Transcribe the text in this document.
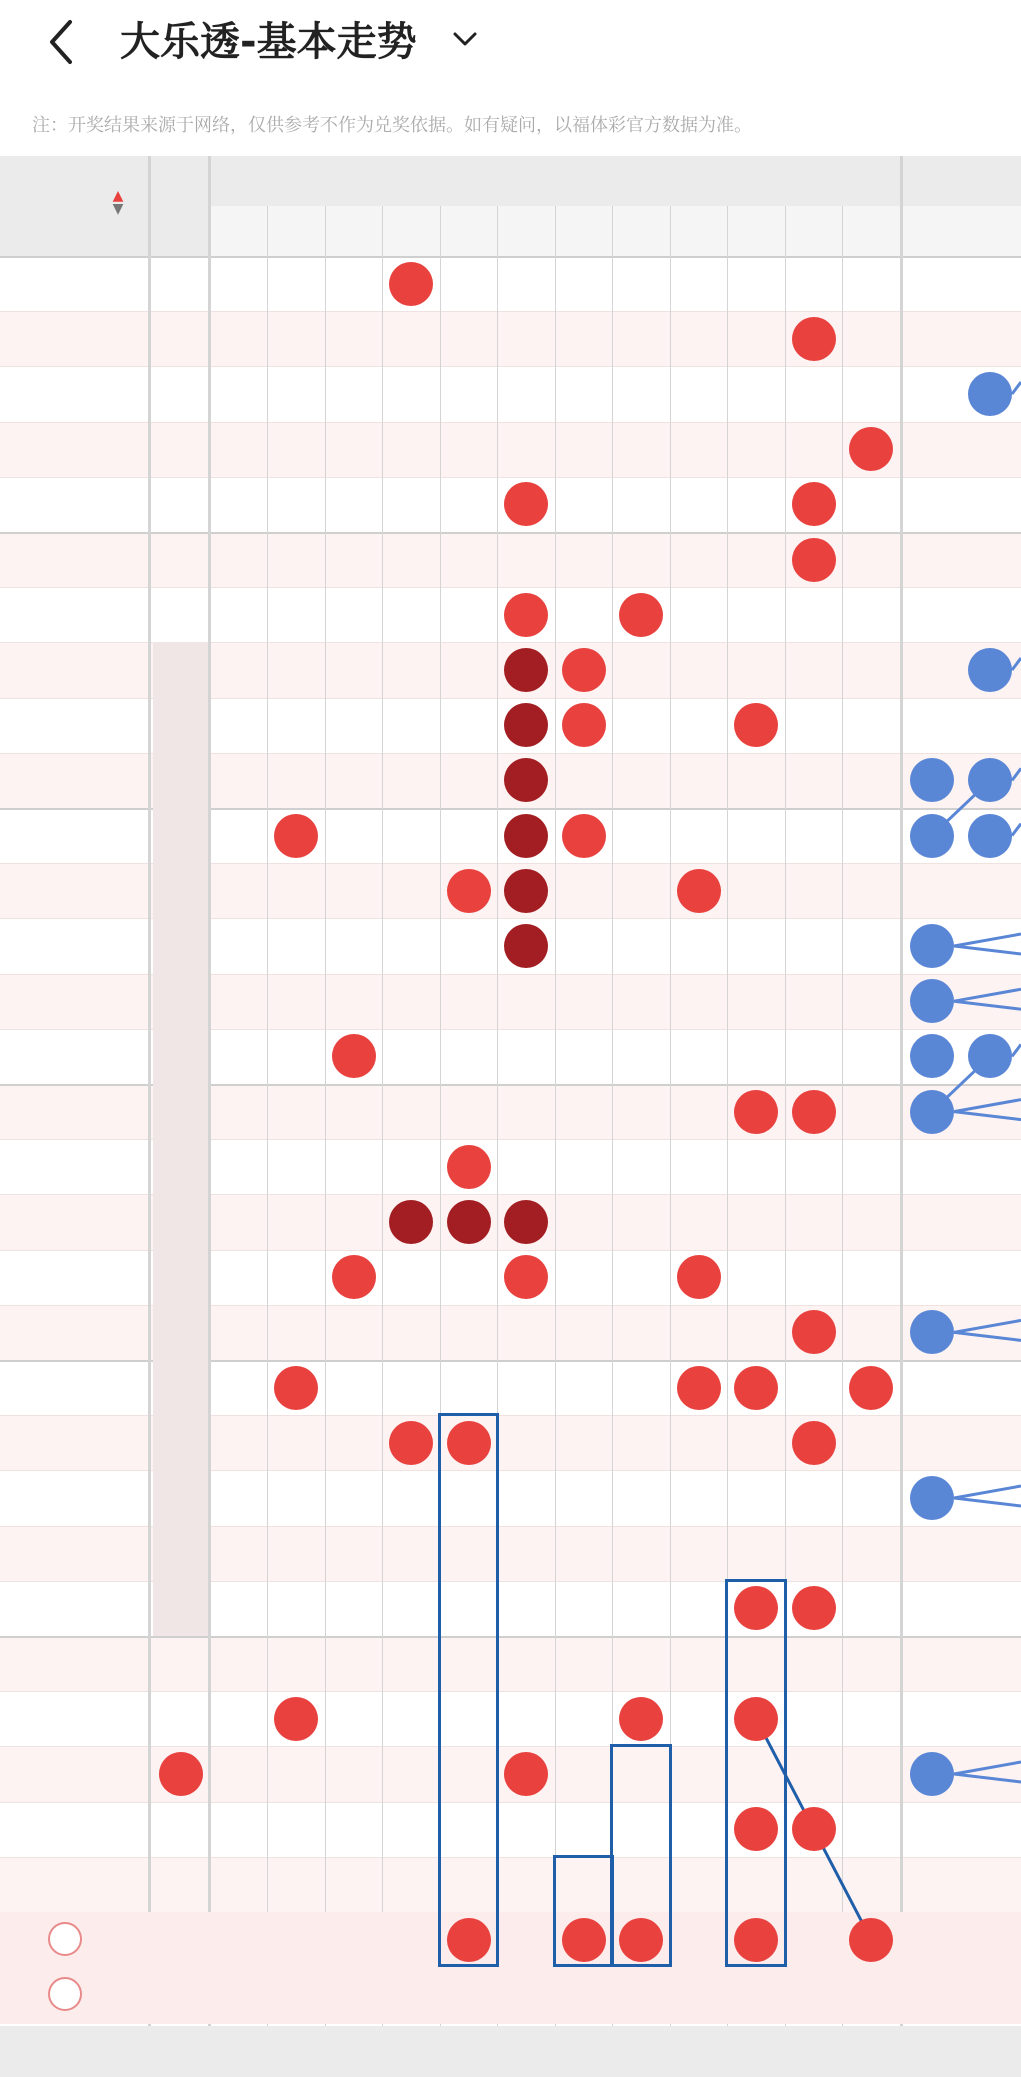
大乐透-基本走势
注：开奖结果来源于网络，仅供参考不作为兑奖依据。如有疑问，以福体彩官方数据为准。
▲
▼
